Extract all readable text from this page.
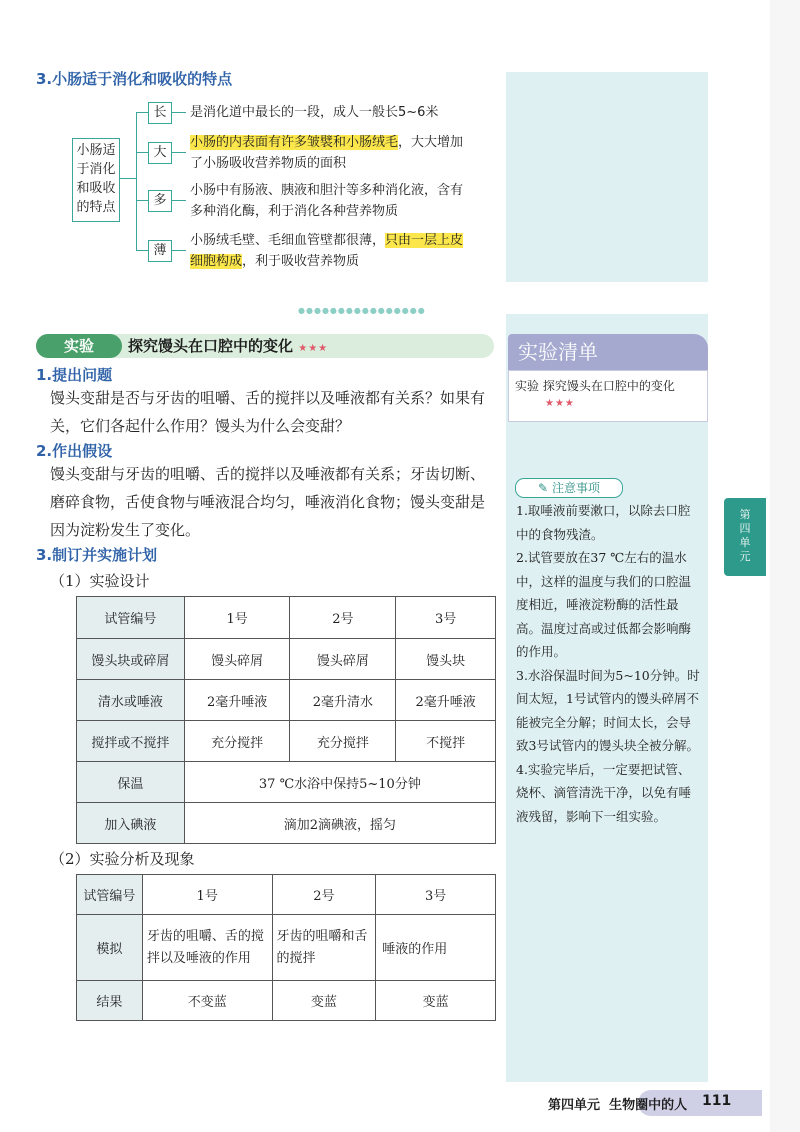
3.小肠适于消化和吸收的特点
小肠适
于消化
和吸收
的特点
长	是消化道中最长的一段，成人一般长5~6米
大
小肠的内表面有许多皱襞和小肠绒毛，大大增加
了小肠吸收营养物质的面积
多
小肠中有肠液、胰液和胆汁等多种消化液，含有
多种消化酶，利于消化各种营养物质
薄
小肠绒毛壁、毛细血管壁都很薄，只由一层上皮
细胞构成，利于吸收营养物质
●●●●●●●●●●●●●●●●
实验	探究馒头在口腔中的变化 ★★★
1.提出问题
馒头变甜是否与牙齿的咀嚼、舌的搅拌以及唾液都有关系？如果有关，它们各起什么作用？馒头为什么会变甜？
2.作出假设
馒头变甜与牙齿的咀嚼、舌的搅拌以及唾液都有关系；牙齿切断、磨碎食物，舌使食物与唾液混合均匀，唾液消化食物；馒头变甜是因为淀粉发生了变化。
3.制订并实施计划
（1）实验设计
试管编号	1号	2号	3号
馒头块或碎屑	馒头碎屑	馒头碎屑	馒头块
清水或唾液	2毫升唾液	2毫升清水	2毫升唾液
搅拌或不搅拌	充分搅拌	充分搅拌	不搅拌
保温	37 ℃水浴中保持5~10分钟		
加入碘液	滴加2滴碘液，摇匀		
（2）实验分析及现象
试管编号	1号	2号	3号
模拟	牙齿的咀嚼、舌的搅拌以及唾液的作用	牙齿的咀嚼和舌的搅拌	唾液的作用
结果	不变蓝	变蓝	变蓝
实验清单
实验 探究馒头在口腔中的变化
★★★
✎ 注意事项
1.取唾液前要漱口，以除去口腔中的食物残渣。
2.试管要放在37 ℃左右的温水中，这样的温度与我们的口腔温度相近，唾液淀粉酶的活性最高。温度过高或过低都会影响酶的作用。
3.水浴保温时间为5~10分钟。时间太短，1号试管内的馒头碎屑不能被完全分解；时间太长，会导致3号试管内的馒头块全被分解。
4.实验完毕后，一定要把试管、烧杯、滴管清洗干净，以免有唾液残留，影响下一组实验。
第
四
单
元
第四单元 生物圈中的人 111
